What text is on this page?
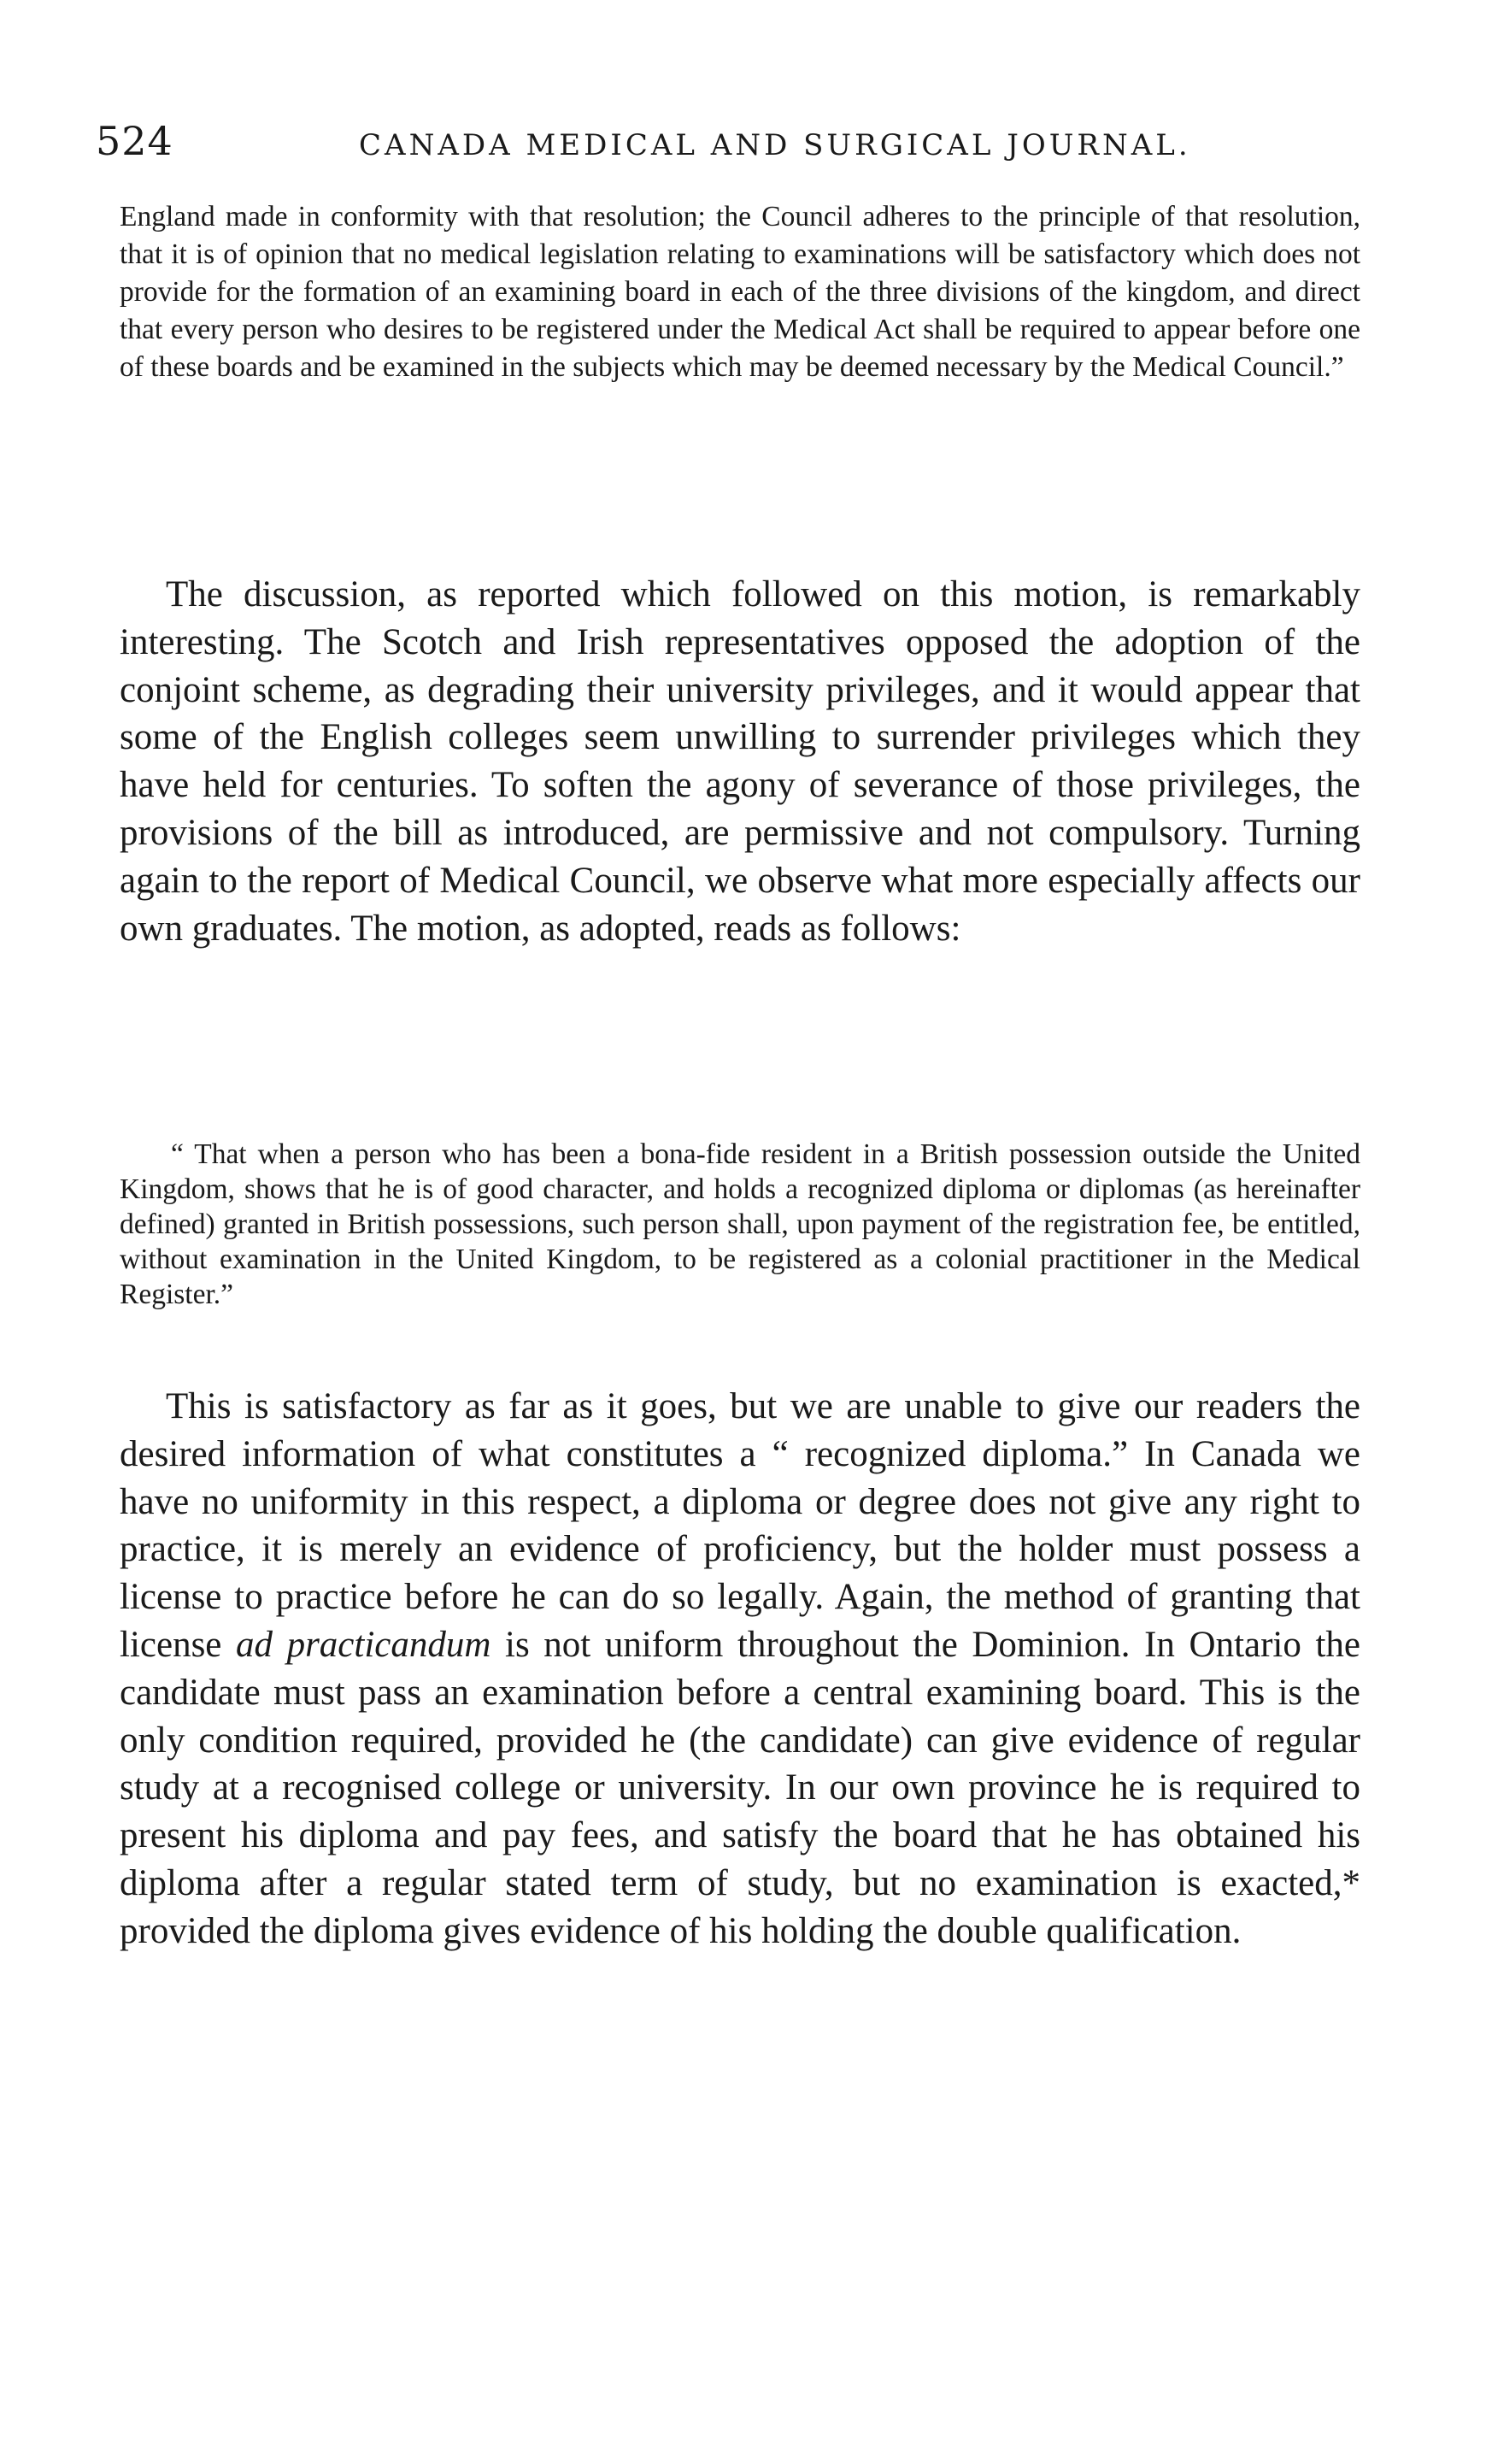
524	CANADA MEDICAL AND SURGICAL JOURNAL.

England made in conformity with that resolution; the Council adheres to the principle of that resolution, that it is of opinion that no medical legislation relating to examinations will be satisfactory which does not provide for the formation of an examining board in each of the three divisions of the kingdom, and direct that every person who desires to be registered under the Medical Act shall be required to appear before one of these boards and be examined in the subjects which may be deemed necessary by the Medical Council.”

The discussion, as reported which followed on this motion, is remarkably interesting. The Scotch and Irish representatives opposed the adoption of the conjoint scheme, as degrading their university privileges, and it would appear that some of the English colleges seem unwilling to surrender privileges which they have held for centuries. To soften the agony of severance of those privileges, the provisions of the bill as introduced, are permissive and not compulsory. Turning again to the report of Medical Council, we observe what more especially affects our own graduates. The motion, as adopted, reads as follows:

“ That when a person who has been a bona-fide resident in a British possession outside the United Kingdom, shows that he is of good character, and holds a recognized diploma or diplomas (as hereinafter defined) granted in British possessions, such person shall, upon payment of the registration fee, be entitled, without examination in the United Kingdom, to be registered as a colonial practitioner in the Medical Register.”

This is satisfactory as far as it goes, but we are unable to give our readers the desired information of what constitutes a “ recognized diploma.” In Canada we have no uniformity in this respect, a diploma or degree does not give any right to practice, it is merely an evidence of proficiency, but the holder must possess a license to practice before he can do so legally. Again, the method of granting that license ad practicandum is not uniform throughout the Dominion. In Ontario the candidate must pass an examination before a central examining board. This is the only condition required, provided he (the candidate) can give evidence of regular study at a recognised college or university. In our own province he is required to present his diploma and pay fees, and satisfy the board that he has obtained his diploma after a regular stated term of study, but no examination is exacted,* provided the diploma gives evidence of his holding the double qualification.
